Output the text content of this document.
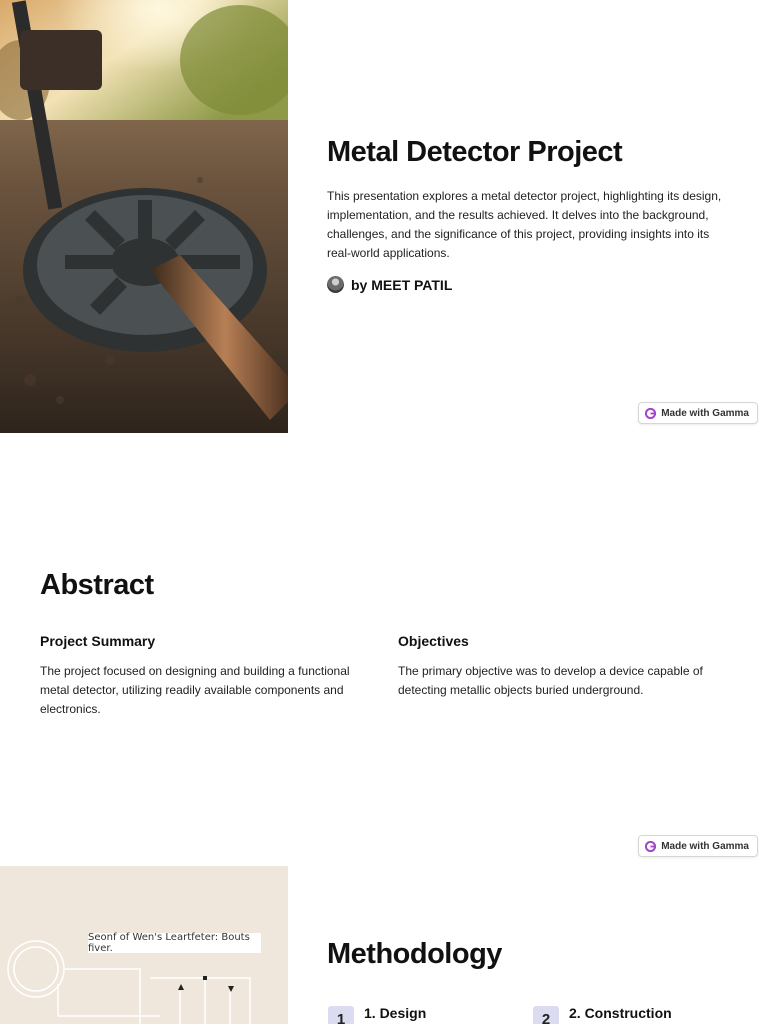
Metal Detector Project

This presentation explores a metal detector project, highlighting its design, implementation, and the results achieved. It delves into the background, challenges, and the significance of this project, providing insights into its real-world applications.

by MEET PATIL
Made with Gamma
Abstract
Project Summary

The project focused on designing and building a functional metal detector, utilizing readily available components and electronics.

Objectives

The primary objective was to develop a device capable of detecting metallic objects buried underground.

Made with Gamma
Seonf of Wen's Leartfeter: Bouts fiver.	Methodology
1	1. Design	2	2. Construction
